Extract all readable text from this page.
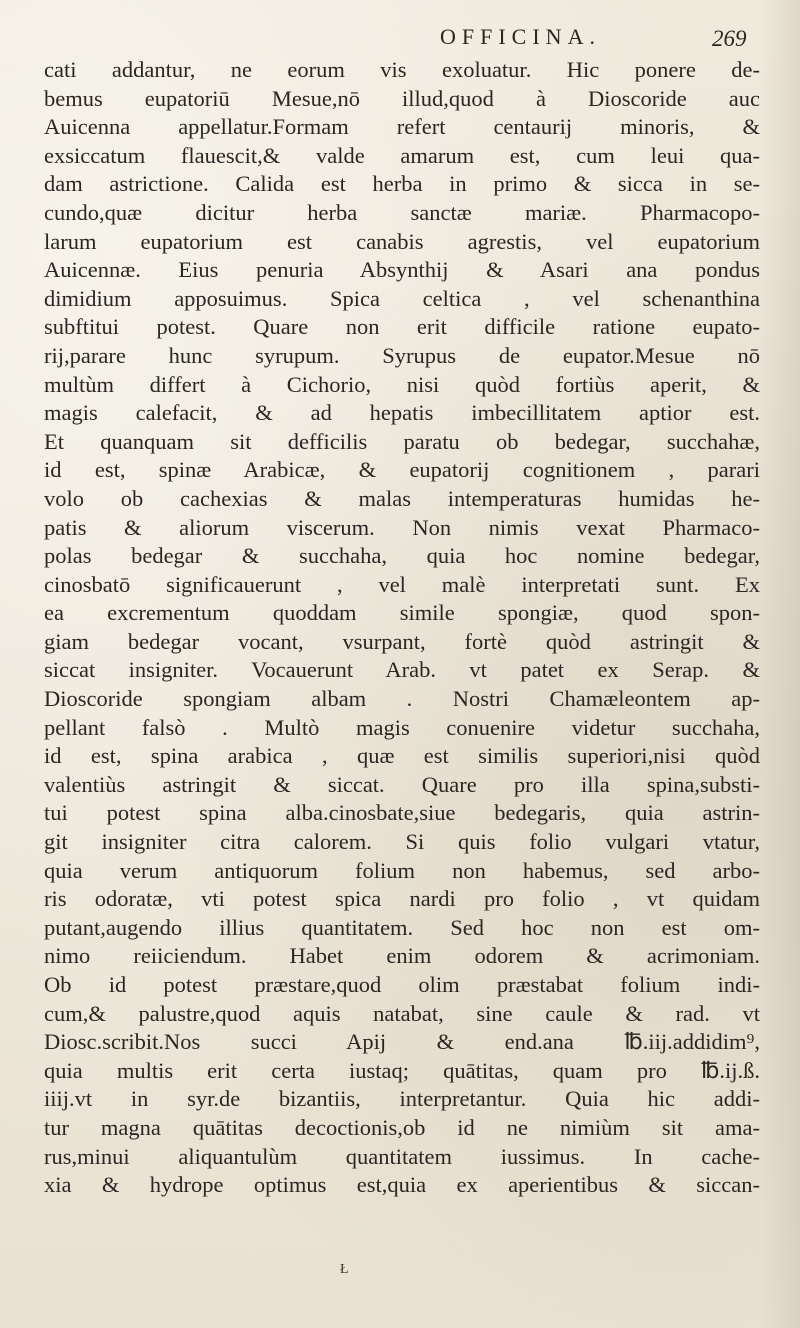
OFFICINA.	269
cati addantur, ne eorum vis exoluatur. Hic ponere de-
bemus eupatoriū Mesue,nō illud,quod à Dioscoride auc
Auicenna appellatur.Formam refert centaurij minoris, &
exsiccatum flauescit,& valde amarum est, cum leui qua-
dam astrictione. Calida est herba in primo & sicca in se-
cundo,quæ dicitur herba sanctæ mariæ. Pharmacopo-
larum eupatorium est canabis agrestis, vel eupatorium
Auicennæ. Eius penuria Absynthij & Asari ana pondus
dimidium apposuimus. Spica celtica , vel schenanthina
subftitui potest. Quare non erit difficile ratione eupato-
rij,parare hunc syrupum. Syrupus de eupator.Mesue nō
multùm differt à Cichorio, nisi quòd fortiùs aperit, &
magis calefacit, & ad hepatis imbecillitatem aptior est.
Et quanquam sit defficilis paratu ob bedegar, succhahæ,
id est, spinæ Arabicæ, & eupatorij cognitionem , parari
volo ob cachexias & malas intemperaturas humidas he-
patis & aliorum viscerum. Non nimis vexat Pharmaco-
polas bedegar & succhaha, quia hoc nomine bedegar,
cinosbatō significauerunt , vel malè interpretati sunt. Ex
ea excrementum quoddam simile spongiæ, quod spon-
giam bedegar vocant, vsurpant, fortè quòd astringit &
siccat insigniter. Vocauerunt Arab. vt patet ex Serap. &
Dioscoride spongiam albam . Nostri Chamæleontem ap-
pellant falsò . Multò magis conuenire videtur succhaha,
id est, spina arabica , quæ est similis superiori,nisi quòd
valentiùs astringit & siccat. Quare pro illa spina,substi-
tui potest spina alba.cinosbate,siue bedegaris, quia astrin-
git insigniter citra calorem. Si quis folio vulgari vtatur,
quia verum antiquorum folium non habemus, sed arbo-
ris odoratæ, vti potest spica nardi pro folio , vt quidam
putant,augendo illius quantitatem. Sed hoc non est om-
nimo reiiciendum. Habet enim odorem & acrimoniam.
Ob id potest præstare,quod olim præstabat folium indi-
cum,& palustre,quod aquis natabat, sine caule & rad. vt
Diosc.scribit.Nos succi Apij & end.ana ℔.iij.addidim⁹,
quia multis erit certa iustaq; quātitas, quam pro ℔.ij.ß.
iiij.vt in syr.de bizantiis, interpretantur. Quia hic addi-
tur magna quātitas decoctionis,ob id ne nimiùm sit ama-
rus,minui aliquantulùm quantitatem iussimus. In cache-
xia & hydrope optimus est,quia ex aperientibus & siccan-
Ł
